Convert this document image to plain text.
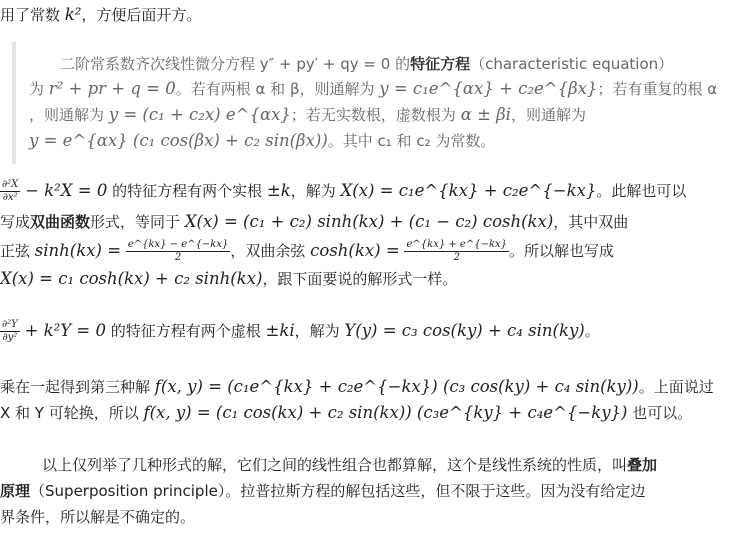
用了常数 k²，方便后面开方。
二阶常系数齐次线性微分方程 y″ + py′ + qy = 0 的特征方程（characteristic equation）
为 r² + pr + q = 0。若有两根 α 和 β，则通解为 y = c₁e^{αx} + c₂e^{βx}；若有重复的根 α
，则通解为 y = (c₁ + c₂x) e^{αx}；若无实数根，虚数根为 α ± βi，则通解为
y = e^{αx} (c₁ cos(βx) + c₂ sin(βx))。其中 c₁ 和 c₂ 为常数。
$\frac{\text{∂²X}}{\text{∂x²}} - k^2X = 0$ 的特征方程有两个实根 ±k，解为 X(x) = c₁e^{kx} + c₂e^{−kx}。此解也可以
写成双曲函数形式，等同于 X(x) = (c₁ + c₂) sinh(kx) + (c₁ − c₂) cosh(kx)，其中双曲
正弦 $\sinh(kx) = \frac{e\^{}\{kx\} - e\^{}\{-kx\}}{2}$ ，双曲余弦 $\cosh(kx) = \frac{e\^{}\{kx\} + e\^{}\{-kx\}}{2}$ 。所以解也写成
X(x) = c₁ cosh(kx) + c₂ sinh(kx)，跟下面要说的解形式一样。
$\frac{\text{∂²Y}}{\text{∂y²}} + k^2Y = 0$ 的特征方程有两个虚根 ±ki，解为 Y(y) = c₃ cos(ky) + c₄ sin(ky)。
乘在一起得到第三种解 f(x, y) = (c₁e^{kx} + c₂e^{−kx}) (c₃ cos(ky) + c₄ sin(ky))。上面说过
X 和 Y 可轮换，所以 f(x, y) = (c₁ cos(kx) + c₂ sin(kx)) (c₃e^{ky} + c₄e^{−ky}) 也可以。
以上仅列举了几种形式的解，它们之间的线性组合也都算解，这个是线性系统的性质，叫叠加
原理（Superposition principle）。拉普拉斯方程的解包括这些，但不限于这些。因为没有给定边
界条件，所以解是不确定的。
